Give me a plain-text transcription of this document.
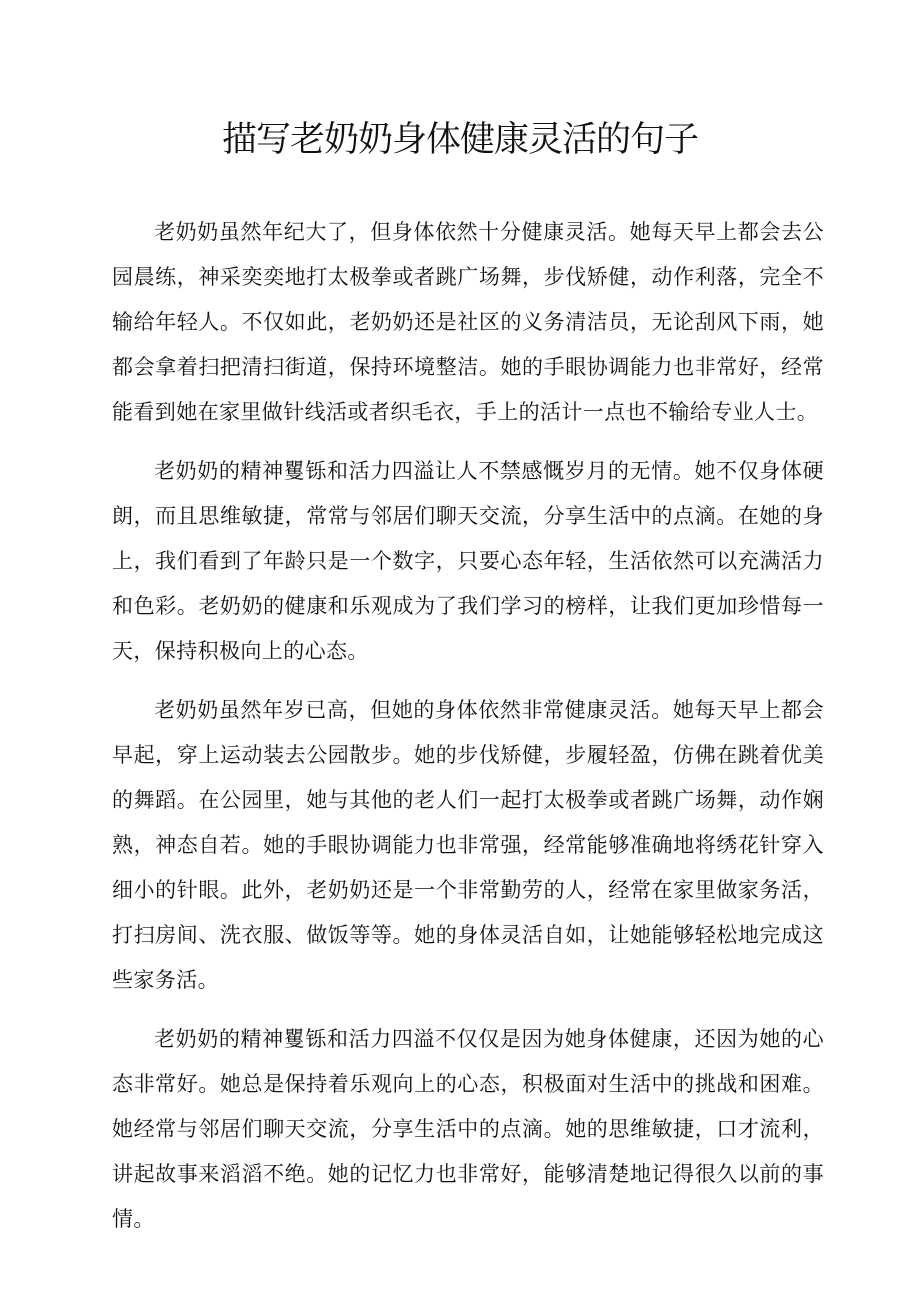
描写老奶奶身体健康灵活的句子

老奶奶虽然年纪大了，但身体依然十分健康灵活。她每天早上都会去公园晨练，神采奕奕地打太极拳或者跳广场舞，步伐矫健，动作利落，完全不输给年轻人。不仅如此，老奶奶还是社区的义务清洁员，无论刮风下雨，她都会拿着扫把清扫街道，保持环境整洁。她的手眼协调能力也非常好，经常能看到她在家里做针线活或者织毛衣，手上的活计一点也不输给专业人士。

老奶奶的精神矍铄和活力四溢让人不禁感慨岁月的无情。她不仅身体硬朗，而且思维敏捷，常常与邻居们聊天交流，分享生活中的点滴。在她的身上，我们看到了年龄只是一个数字，只要心态年轻，生活依然可以充满活力和色彩。老奶奶的健康和乐观成为了我们学习的榜样，让我们更加珍惜每一天，保持积极向上的心态。

老奶奶虽然年岁已高，但她的身体依然非常健康灵活。她每天早上都会早起，穿上运动装去公园散步。她的步伐矫健，步履轻盈，仿佛在跳着优美的舞蹈。在公园里，她与其他的老人们一起打太极拳或者跳广场舞，动作娴熟，神态自若。她的手眼协调能力也非常强，经常能够准确地将绣花针穿入细小的针眼。此外，老奶奶还是一个非常勤劳的人，经常在家里做家务活，打扫房间、洗衣服、做饭等等。她的身体灵活自如，让她能够轻松地完成这些家务活。

老奶奶的精神矍铄和活力四溢不仅仅是因为她身体健康，还因为她的心态非常好。她总是保持着乐观向上的心态，积极面对生活中的挑战和困难。她经常与邻居们聊天交流，分享生活中的点滴。她的思维敏捷，口才流利，讲起故事来滔滔不绝。她的记忆力也非常好，能够清楚地记得很久以前的事情。
